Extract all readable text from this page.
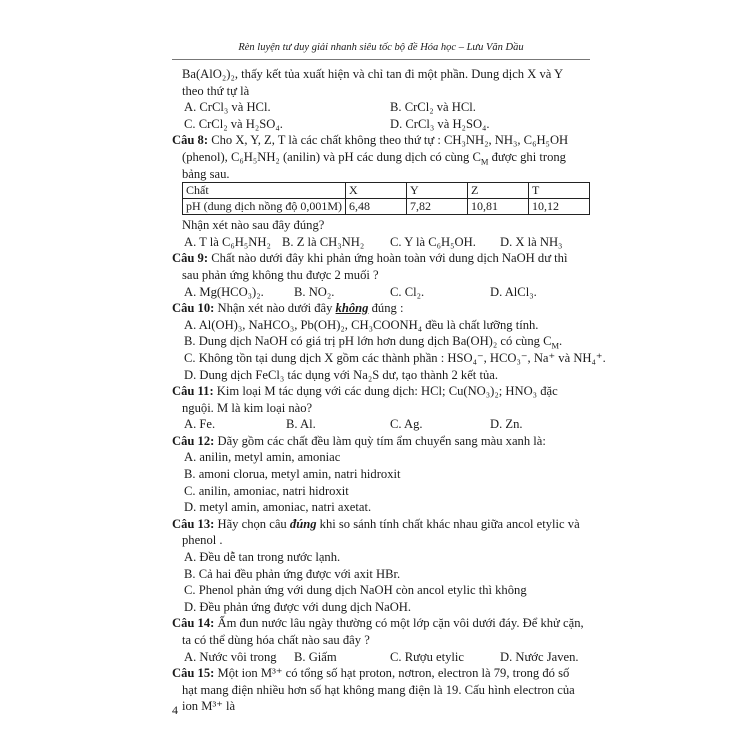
Rèn luyện tư duy giải nhanh siêu tốc bộ đề Hóa học – Lưu Văn Dầu
Ba(AlO₂)₂, thấy kết tủa xuất hiện và chỉ tan đi một phần. Dung dịch X và Y
theo thứ tự là
A. CrCl₃ và HCl.	B. CrCl₂ và HCl.
C. CrCl₂ và H₂SO₄.	D. CrCl₃ và H₂SO₄.
Câu 8: Cho X, Y, Z, T là các chất không theo thứ tự : CH₃NH₂, NH₃, C₆H₅OH
(phenol), C₆H₅NH₂ (anilin) và pH các dung dịch có cùng $C_M$ được ghi trong
bảng sau.
Chất	X	Y	Z	T
pH (dung dịch nồng độ 0,001M)	6,48	7,82	10,81	10,12
Nhận xét nào sau đây đúng?
A. T là C₆H₅NH₂ B. Z là CH₃NH₂	C. Y là C₆H₅OH.	D. X là NH₃
Câu 9: Chất nào dưới đây khi phản ứng hoàn toàn với dung dịch NaOH dư thì
sau phản ứng không thu được 2 muối ?
A. Mg(HCO₃)₂.	B. NO₂.	C. Cl₂.	D. AlCl₃.
Câu 10: Nhận xét nào dưới đây không đúng :
A. Al(OH)₃, NaHCO₃, Pb(OH)₂, CH₃COONH₄ đều là chất lưỡng tính.
B. Dung dịch NaOH có giá trị pH lớn hơn dung dịch Ba(OH)₂ có cùng $C_M$.
C. Không tồn tại dung dịch X gồm các thành phần : HSO₄⁻, HCO₃⁻, Na⁺ và NH₄⁺.
D. Dung dịch FeCl₃ tác dụng với Na₂S dư, tạo thành 2 kết tủa.
Câu 11: Kim loại M tác dụng với các dung dịch: HCl; Cu(NO₃)₂; HNO₃ đặc
nguội. M là kim loại nào?
A. Fe.	B. Al.	C. Ag.	D. Zn.
Câu 12: Dãy gồm các chất đều làm quỳ tím ẩm chuyển sang màu xanh là:
A. anilin, metyl amin, amoniac
B. amoni clorua, metyl amin, natri hidroxit
C. anilin, amoniac, natri hidroxit
D. metyl amin, amoniac, natri axetat.
Câu 13: Hãy chọn câu đúng khi so sánh tính chất khác nhau giữa ancol etylic và
phenol .
A. Đều dễ tan trong nước lạnh.
B. Cả hai đều phản ứng được với axit HBr.
C. Phenol phản ứng với dung dịch NaOH còn ancol etylic thì không
D. Đều phản ứng được với dung dịch NaOH.
Câu 14: Ấm đun nước lâu ngày thường có một lớp cặn vôi dưới đáy. Để khử cặn,
ta có thể dùng hóa chất nào sau đây ?
A. Nước vôi trong	B. Giấm	C. Rượu etylic	D. Nước Javen.
Câu 15: Một ion M³⁺ có tổng số hạt proton, nơtron, electron là 79, trong đó số
hạt mang điện nhiều hơn số hạt không mang điện là 19. Cấu hình electron của
ion M³⁺ là
4
